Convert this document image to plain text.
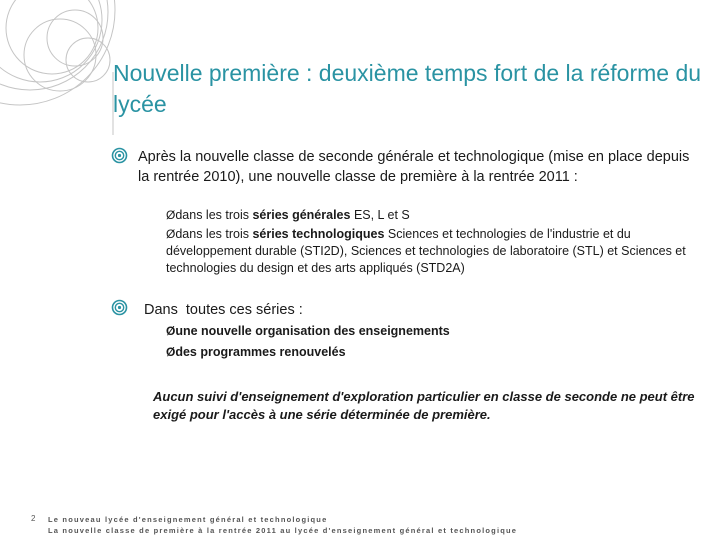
Nouvelle première : deuxième temps fort de la réforme du lycée
Après la nouvelle classe de seconde générale et technologique (mise en place depuis la rentrée 2010), une nouvelle classe de première à la rentrée 2011 :
Ødans les trois séries générales ES, L et S
Ødans les trois séries technologiques Sciences et technologies de l'industrie et du développement durable (STI2D), Sciences et technologies de laboratoire (STL) et Sciences et technologies du design et des arts appliqués (STD2A)
Dans  toutes ces séries :
Øune nouvelle organisation des enseignements
Ødes programmes renouvelés
Aucun suivi d'enseignement d'exploration particulier en classe de seconde ne peut être exigé pour l'accès à une série déterminée de première.
2 Le nouveau lycée d'enseignement général et technologique
La nouvelle classe de première à la rentrée 2011 au lycée d'enseignement général et technologique
